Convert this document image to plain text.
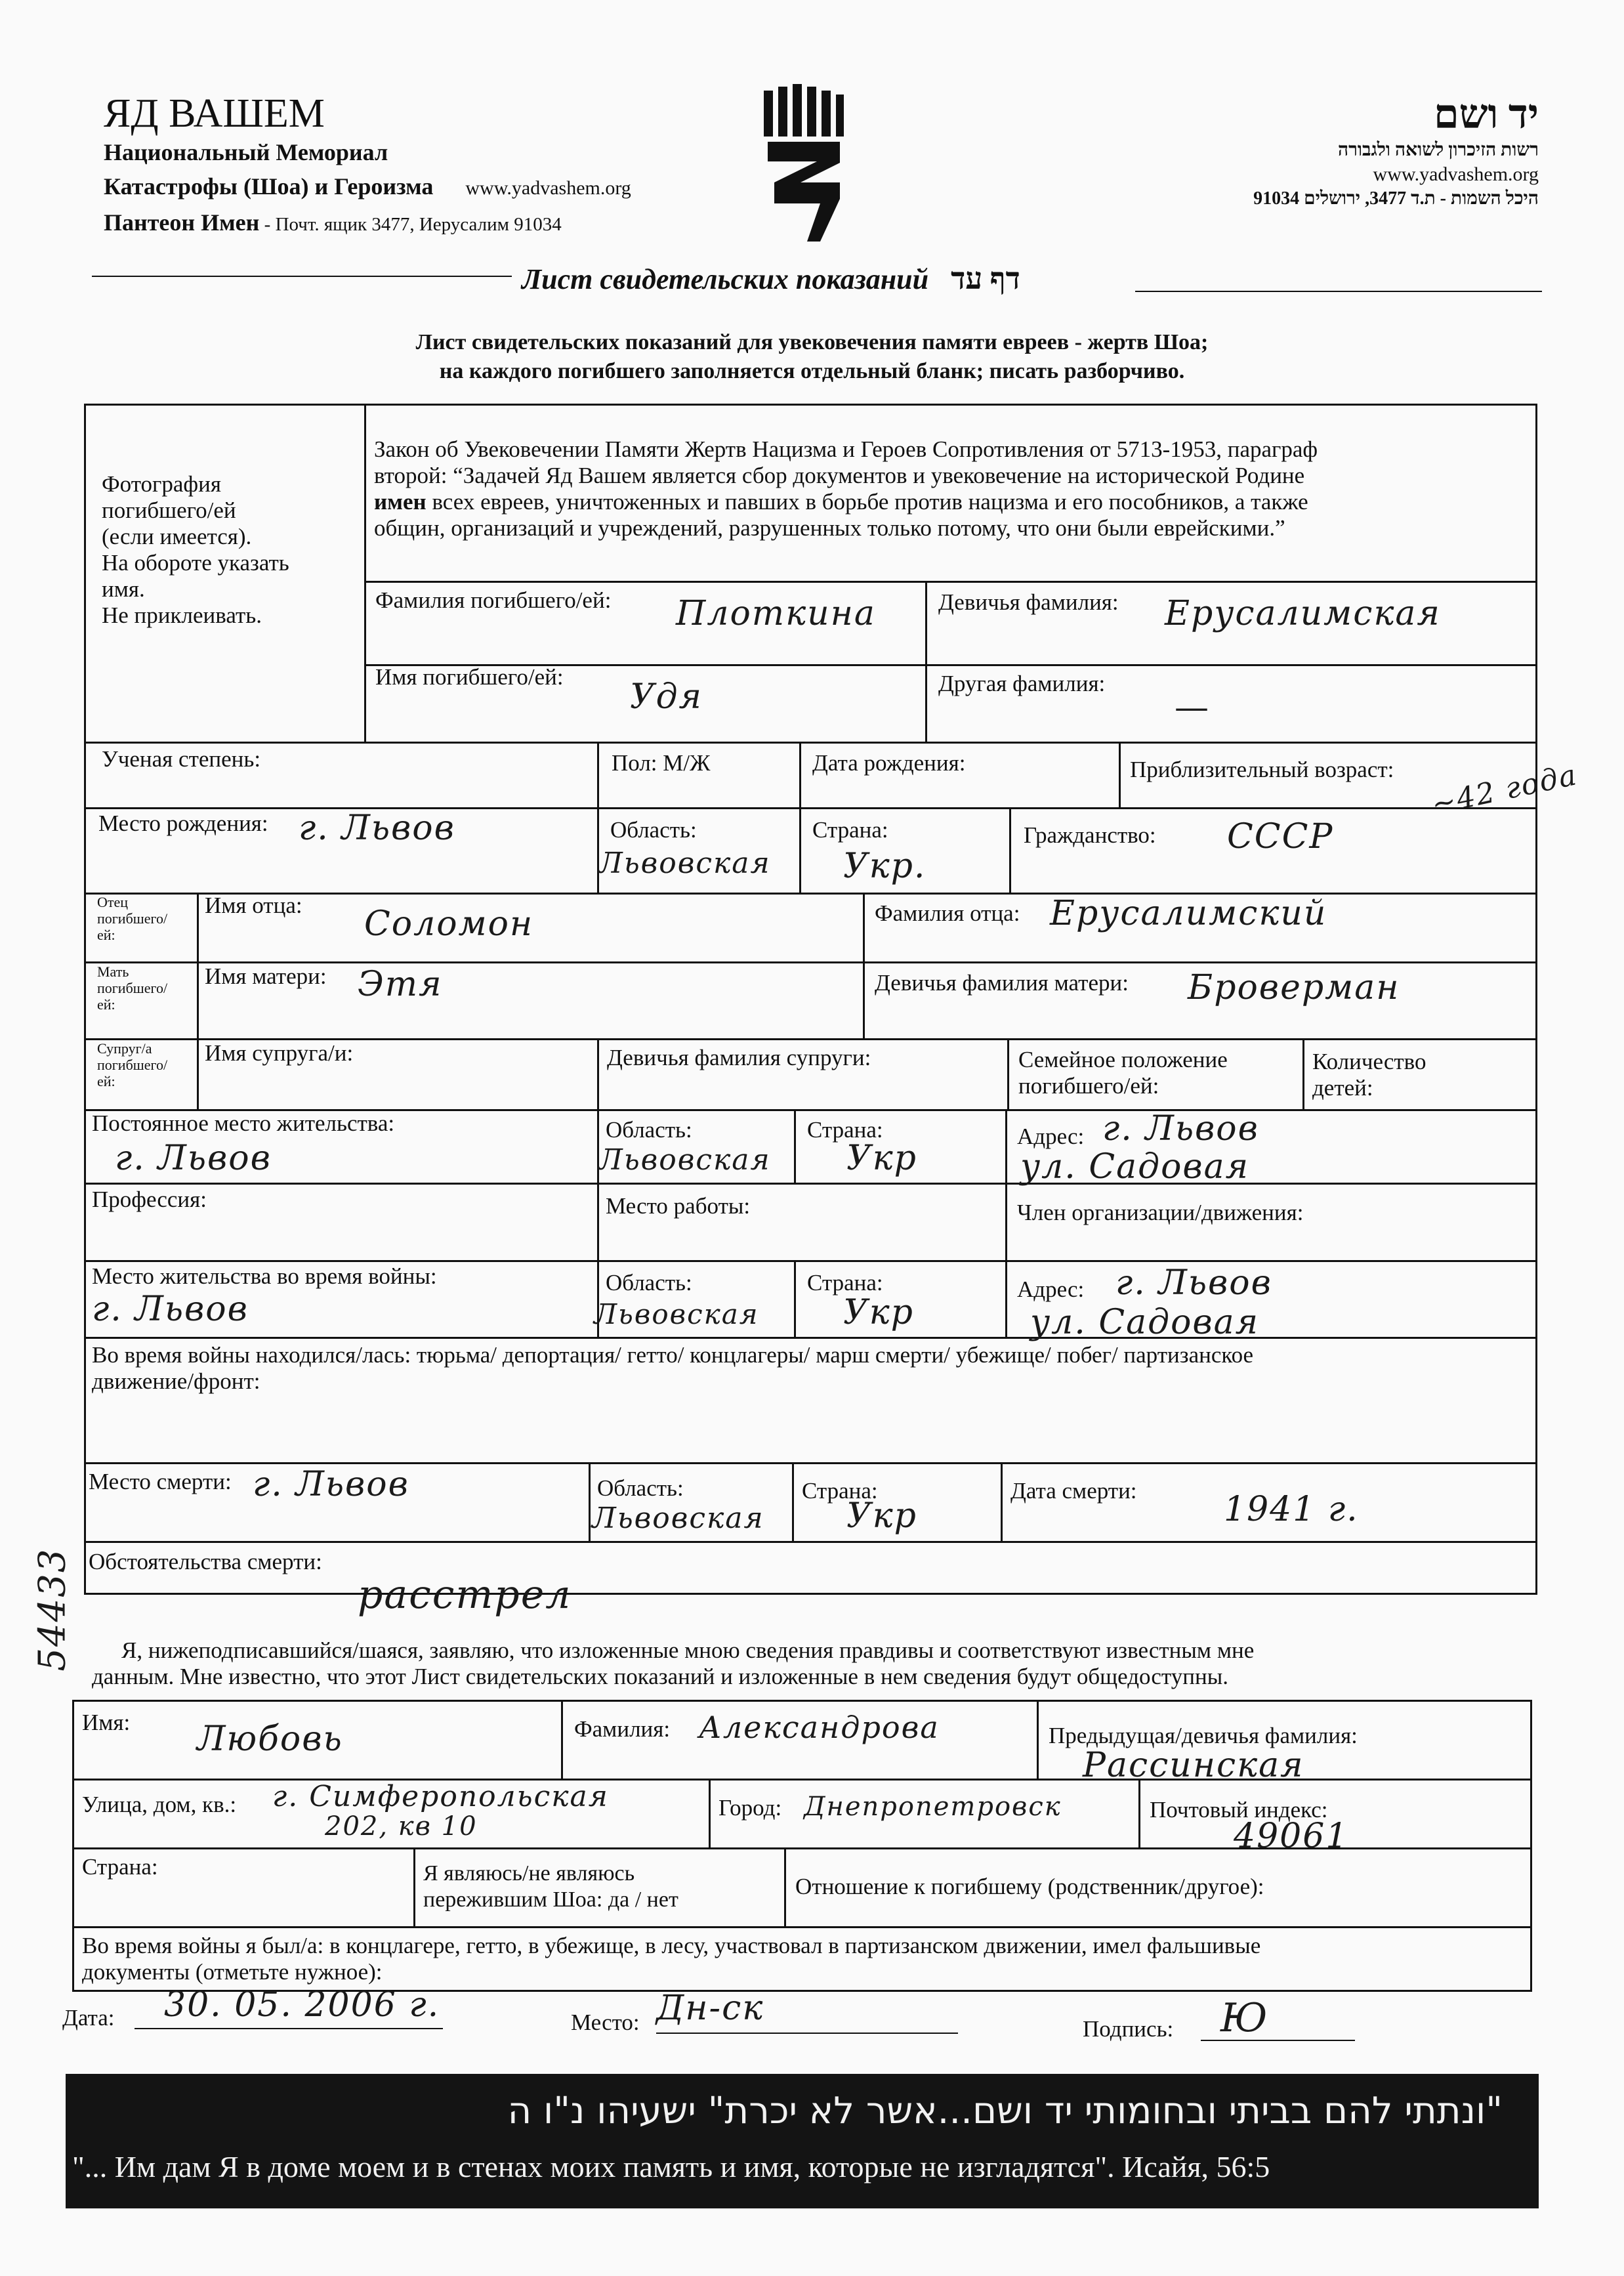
ЯД ВАШЕМ
Национальный Мемориал
Катастрофы (Шоа) и Героизма www.yadvashem.org
Пантеон Имен - Почт. ящик 3477, Иерусалим 91034
יד ושם
רשות הזיכרון לשואה ולגבורה
www.yadvashem.org
היכל השמות - ת.ד 3477, ירושלים 91034
Лист свидетельских показаний דף עד
Лист свидетельских показаний для увековечения памяти евреев - жертв Шоа;
на каждого погибшего заполняется отдельный бланк; писать разборчиво.
Фотография
погибшего/ей
(если имеется).
На обороте указать
имя.
Не приклеивать.
Закон об Увековечении Памяти Жертв Нацизма и Героев Сопротивления от 5713-1953, параграф
второй: “Задачей Яд Вашем является сбор документов и увековечение на исторической Родине
имен всех евреев, уничтоженных и павших в борьбе против нацизма и его пособников, а также
общин, организаций и учреждений, разрушенных только потому, что они были еврейскими.”
Фамилия погибшего/ей: Плоткина	Девичья фамилия: Ерусалимская
Имя погибшего/ей:
Удя	Другая фамилия:
—
Ученая степень:	Пол: М/Ж	Дата рождения:	Приблизительный возраст: ~42 года
Место рождения: г. Львов	Область:
Львовская
Страна:
Укр.
Гражданство: СССР
Отец
погибшего/
ей:
Имя отца: Соломон	Фамилия отца: Ерусалимский
Мать
погибшего/
ей:
Имя матери: Этя	Девичья фамилия матери: Броверман
Супруг/а
погибшего/
ей:
Имя супруга/и:	Девичья фамилия супруги:	Семейное положение
погибшего/ей:
Количество
детей:
Постоянное место жительства:
г. Львов
Область:
Львовская
Страна:
Укр
Адрес: г. Львов
ул. Садовая
Профессия:	Место работы:	Член организации/движения:
Место жительства во время войны:
г. Львов
Область:
Львовская
Страна:
Укр
Адрес: г. Львов
ул. Садовая
Во время войны находился/лась: тюрьма/ депортация/ гетто/ концлагеры/ марш смерти/ убежище/ побег/ партизанское
движение/фронт:
Место смерти: г. Львов	Область:
Львовская
Страна:
Укр
Дата смерти:	1941 г.
Обстоятельства смерти:
расстрел
Я, нижеподписавшийся/шаяся, заявляю, что изложенные мною сведения правдивы и соответствуют известным мне
данным. Мне известно, что этот Лист свидетельских показаний и изложенные в нем сведения будут общедоступны.
Имя: Любовь	Фамилия: Александрова	Предыдущая/девичья фамилия:
Рассинская
Улица, дом, кв.: г. Симферопольская
202, кв 10
Город: Днепропетровск	Почтовый индекс:
49061
Страна:	Я являюсь/не являюсь
пережившим Шоа: да / нет
Отношение к погибшему (родственник/другое):
Во время войны я был/а: в концлагере, гетто, в убежище, в лесу, участвовал в партизанском движении, имел фальшивые
документы (отметьте нужное):
Дата: 30. 05. 2006 г.	Место: Дн-ск
Подпись: Ю
54433
"ונתתי להם בביתי ובחומותי יד ושם...אשר לא יכרת" ישעיהו נ"ו ה
"... Им дам Я в доме моем и в стенах моих память и имя, которые не изгладятся". Исайя, 56:5
